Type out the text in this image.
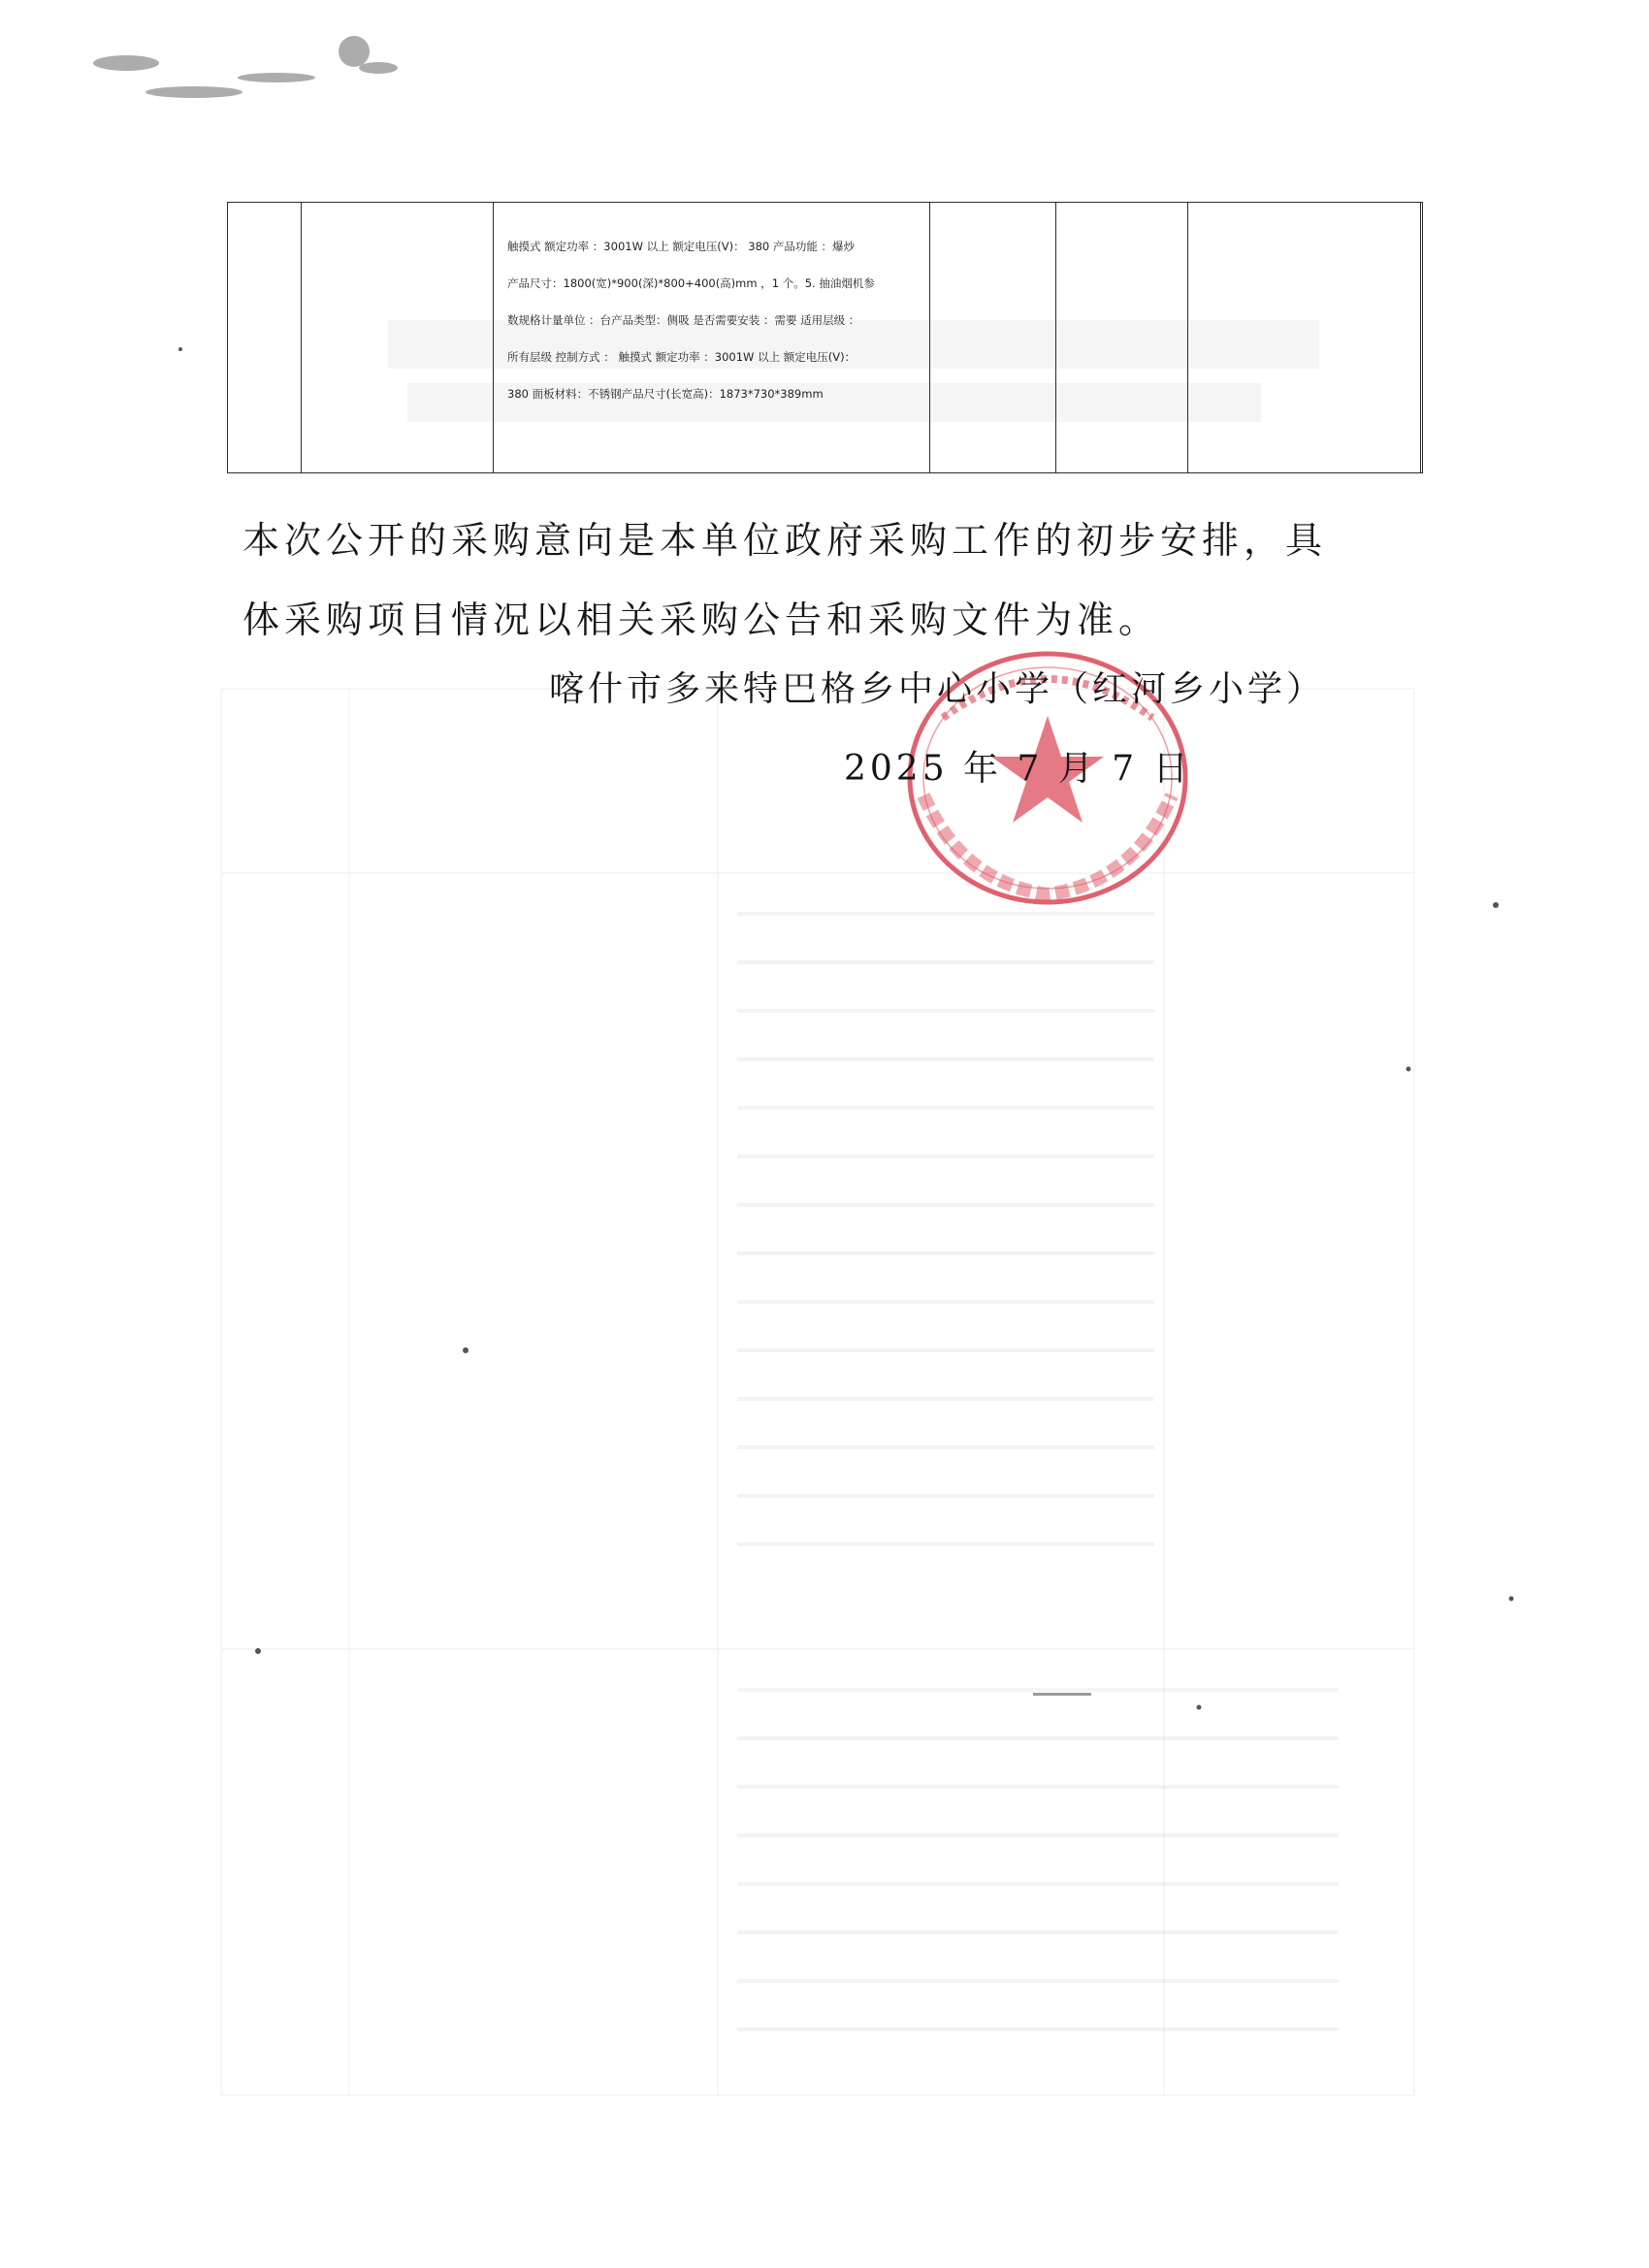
触摸式 额定功率 ：3001W 以上 额定电压(V)： 380 产品功能 ：爆炒
产品尺寸：1800(宽)*900(深)*800+400(高)mm ，1 个。5. 抽油烟机参
数规格计量单位 ：台产品类型：侧吸 是否需要安装 ：需要 适用层级 ：
所有层级 控制方式 ： 触摸式 额定功率 ：3001W 以上 额定电压(V)：
380 面板材料：不锈钢产品尺寸(长宽高)：1873*730*389mm

本次公开的采购意向是本单位政府采购工作的初步安排，具
体采购项目情况以相关采购公告和采购文件为准。
喀什市多来特巴格乡中心小学（红河乡小学）
2025 年 7 月 7 日
